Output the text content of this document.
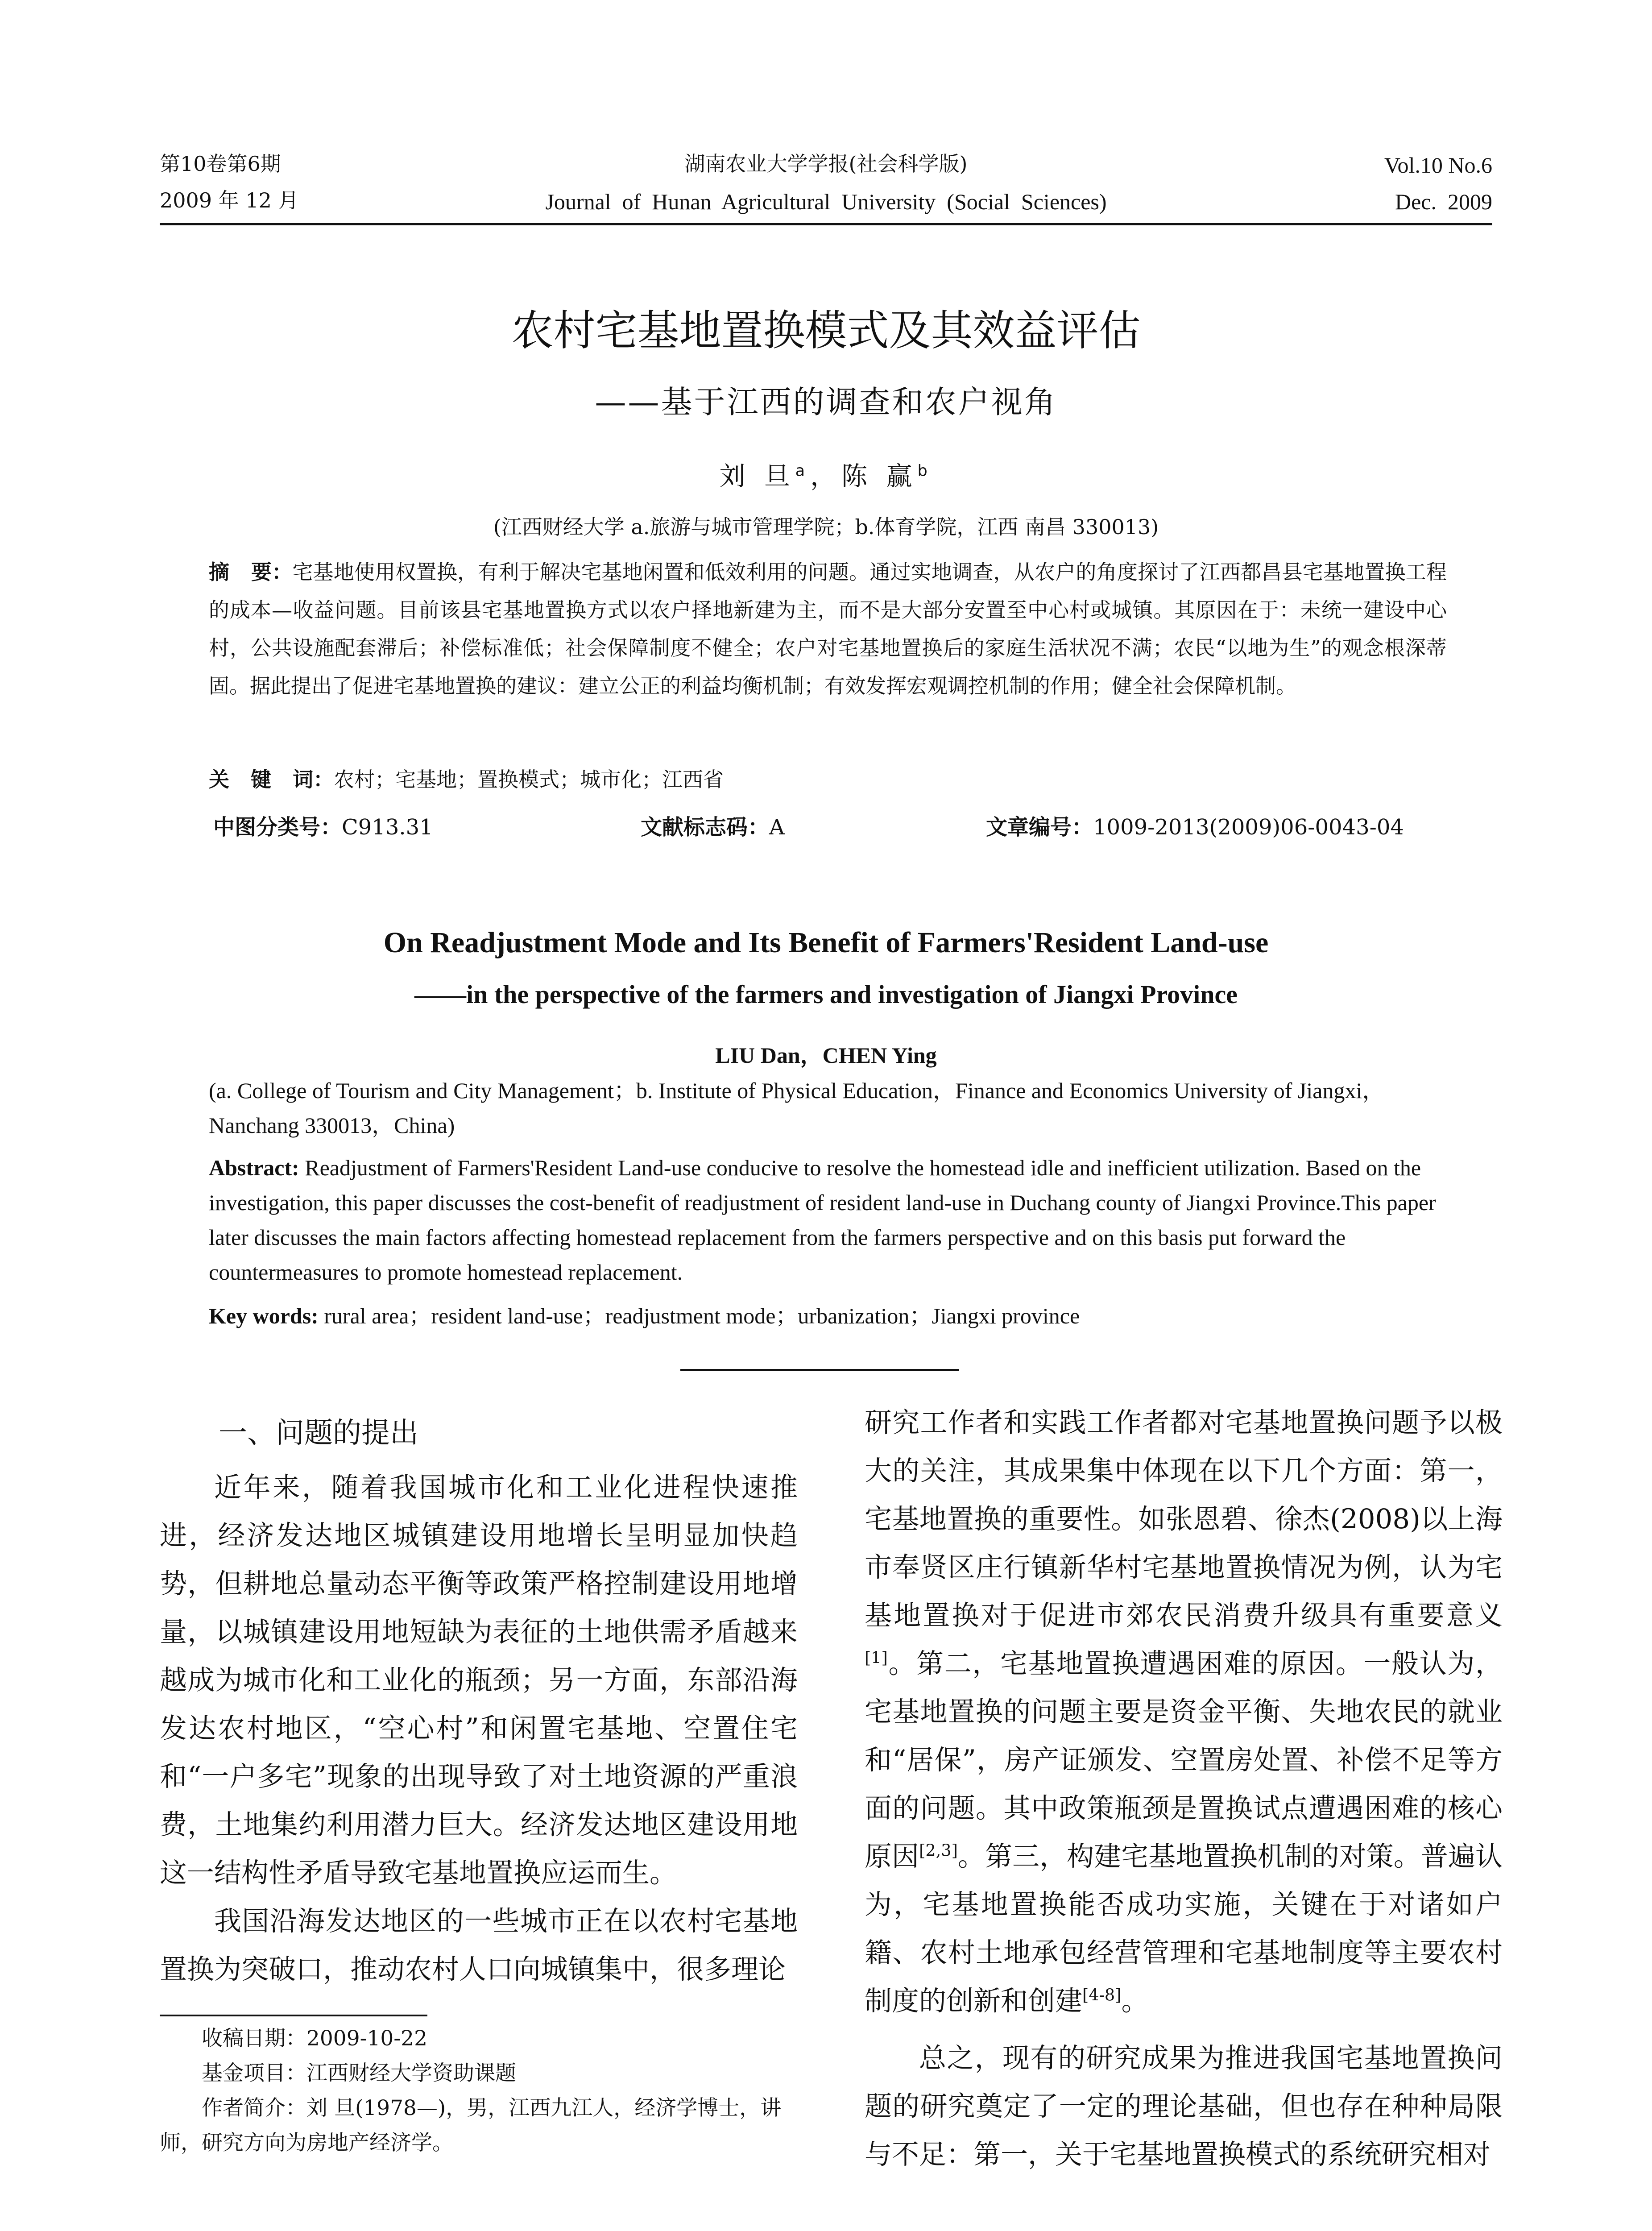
第10卷第6期
2009 年 12 月
湖南农业大学学报(社会科学版)
Journal  of  Hunan  Agricultural  University  (Social  Sciences)
Vol.10 No.6
Dec.  2009
农村宅基地置换模式及其效益评估
——基于江西的调查和农户视角
刘 旦$^a$，陈 赢$^b$
(江西财经大学 a.旅游与城市管理学院；b.体育学院，江西 南昌 330013)
摘   要：宅基地使用权置换，有利于解决宅基地闲置和低效利用的问题。通过实地调查，从农户的角度探讨了江西都昌县宅基地置换工程的成本—收益问题。目前该县宅基地置换方式以农户择地新建为主，而不是大部分安置至中心村或城镇。其原因在于：未统一建设中心村，公共设施配套滞后；补偿标准低；社会保障制度不健全；农户对宅基地置换后的家庭生活状况不满；农民“以地为生”的观念根深蒂固。据此提出了促进宅基地置换的建议：建立公正的利益均衡机制；有效发挥宏观调控机制的作用；健全社会保障机制。
关   键   词：农村；宅基地；置换模式；城市化；江西省
中图分类号：C913.31	文献标志码：A	文章编号：1009-2013(2009)06-0043-04
On Readjustment Mode and Its Benefit of Farmers'Resident Land-use
——in the perspective of the farmers and investigation of Jiangxi Province
LIU Dan，CHEN Ying
(a. College of Tourism and City Management；b. Institute of Physical Education，Finance and Economics University of Jiangxi，Nanchang 330013，China)
Abstract: Readjustment of Farmers'Resident Land-use conducive to resolve the homestead idle and inefficient utilization. Based on the investigation, this paper discusses the cost-benefit of readjustment of resident land-use in Duchang county of Jiangxi Province.This paper later discusses the main factors affecting homestead replacement from the farmers perspective and on this basis put forward the countermeasures to promote homestead replacement.
Key words: rural area；resident land-use；readjustment mode；urbanization；Jiangxi province
一、问题的提出

近年来，随着我国城市化和工业化进程快速推进，经济发达地区城镇建设用地增长呈明显加快趋势，但耕地总量动态平衡等政策严格控制建设用地增量，以城镇建设用地短缺为表征的土地供需矛盾越来越成为城市化和工业化的瓶颈；另一方面，东部沿海发达农村地区，“空心村”和闲置宅基地、空置住宅和“一户多宅”现象的出现导致了对土地资源的严重浪费，土地集约利用潜力巨大。经济发达地区建设用地这一结构性矛盾导致宅基地置换应运而生。

我国沿海发达地区的一些城市正在以农村宅基地置换为突破口，推动农村人口向城镇集中，很多理论

收稿日期：2009-10-22
基金项目：江西财经大学资助课题
作者简介：刘 旦(1978—)，男，江西九江人，经济学博士，讲师，研究方向为房地产经济学。

研究工作者和实践工作者都对宅基地置换问题予以极大的关注，其成果集中体现在以下几个方面：第一，宅基地置换的重要性。如张恩碧、徐杰(2008)以上海市奉贤区庄行镇新华村宅基地置换情况为例，认为宅基地置换对于促进市郊农民消费升级具有重要意义[1]。第二，宅基地置换遭遇困难的原因。一般认为，宅基地置换的问题主要是资金平衡、失地农民的就业和“居保”，房产证颁发、空置房处置、补偿不足等方面的问题。其中政策瓶颈是置换试点遭遇困难的核心原因[2,3]。第三，构建宅基地置换机制的对策。普遍认为，宅基地置换能否成功实施，关键在于对诸如户籍、农村土地承包经营管理和宅基地制度等主要农村制度的创新和创建[4-8]。

总之，现有的研究成果为推进我国宅基地置换问题的研究奠定了一定的理论基础，但也存在种种局限与不足：第一，关于宅基地置换模式的系统研究相对
